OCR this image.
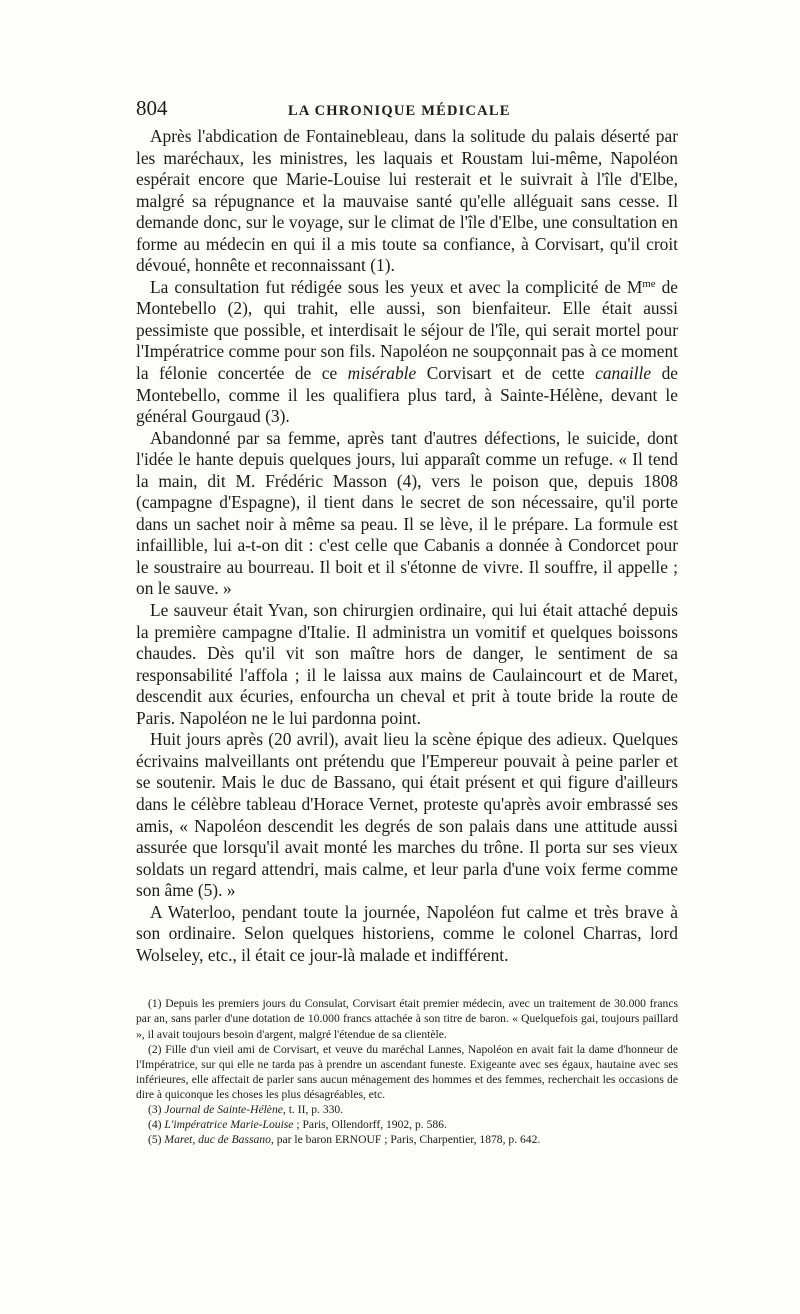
804	LA CHRONIQUE MÉDICALE

Après l'abdication de Fontainebleau, dans la solitude du palais déserté par les maréchaux, les ministres, les laquais et Roustam lui-même, Napoléon espérait encore que Marie-Louise lui resterait et le suivrait à l'île d'Elbe, malgré sa répugnance et la mauvaise santé qu'elle alléguait sans cesse. Il demande donc, sur le voyage, sur le climat de l'île d'Elbe, une consultation en forme au médecin en qui il a mis toute sa confiance, à Corvisart, qu'il croit dévoué, honnête et reconnaissant (1).

La consultation fut rédigée sous les yeux et avec la complicité de $M^{me}$ de Montebello (2), qui trahit, elle aussi, son bienfaiteur. Elle était aussi pessimiste que possible, et interdisait le séjour de l'île, qui serait mortel pour l'Impératrice comme pour son fils. Napoléon ne soupçonnait pas à ce moment la félonie concertée de ce misérable Corvisart et de cette canaille de Montebello, comme il les qualifiera plus tard, à Sainte-Hélène, devant le général Gourgaud (3).

Abandonné par sa femme, après tant d'autres défections, le suicide, dont l'idée le hante depuis quelques jours, lui apparaît comme un refuge. « Il tend la main, dit M. Frédéric Masson (4), vers le poison que, depuis 1808 (campagne d'Espagne), il tient dans le secret de son nécessaire, qu'il porte dans un sachet noir à même sa peau. Il se lève, il le prépare. La formule est infaillible, lui a-t-on dit : c'est celle que Cabanis a donnée à Condorcet pour le soustraire au bourreau. Il boit et il s'étonne de vivre. Il souffre, il appelle ; on le sauve. »

Le sauveur était Yvan, son chirurgien ordinaire, qui lui était attaché depuis la première campagne d'Italie. Il administra un vomitif et quelques boissons chaudes. Dès qu'il vit son maître hors de danger, le sentiment de sa responsabilité l'affola ; il le laissa aux mains de Caulaincourt et de Maret, descendit aux écuries, enfourcha un cheval et prit à toute bride la route de Paris. Napoléon ne le lui pardonna point.

Huit jours après (20 avril), avait lieu la scène épique des adieux. Quelques écrivains malveillants ont prétendu que l'Empereur pouvait à peine parler et se soutenir. Mais le duc de Bassano, qui était présent et qui figure d'ailleurs dans le célèbre tableau d'Horace Vernet, proteste qu'après avoir embrassé ses amis, « Napoléon descendit les degrés de son palais dans une attitude aussi assurée que lorsqu'il avait monté les marches du trône. Il porta sur ses vieux soldats un regard attendri, mais calme, et leur parla d'une voix ferme comme son âme (5). »

A Waterloo, pendant toute la journée, Napoléon fut calme et très brave à son ordinaire. Selon quelques historiens, comme le colonel Charras, lord Wolseley, etc., il était ce jour-là malade et indifférent.

(1) Depuis les premiers jours du Consulat, Corvisart était premier médecin, avec un traitement de 30.000 francs par an, sans parler d'une dotation de 10.000 francs attachée à son titre de baron. « Quelquefois gai, toujours paillard », il avait toujours besoin d'argent, malgré l'étendue de sa clientèle.

(2) Fille d'un vieil ami de Corvisart, et veuve du maréchal Lannes, Napoléon en avait fait la dame d'honneur de l'Impératrice, sur qui elle ne tarda pas à prendre un ascendant funeste. Exigeante avec ses égaux, hautaine avec ses inférieures, elle affectait de parler sans aucun ménagement des hommes et des femmes, recherchait les occasions de dire à quiconque les choses les plus désagréables, etc.

(3) Journal de Sainte-Hélène, t. II, p. 330.

(4) L'impératrice Marie-Louise ; Paris, Ollendorff, 1902, p. 586.

(5) Maret, duc de Bassano, par le baron ERNOUF ; Paris, Charpentier, 1878, p. 642.
